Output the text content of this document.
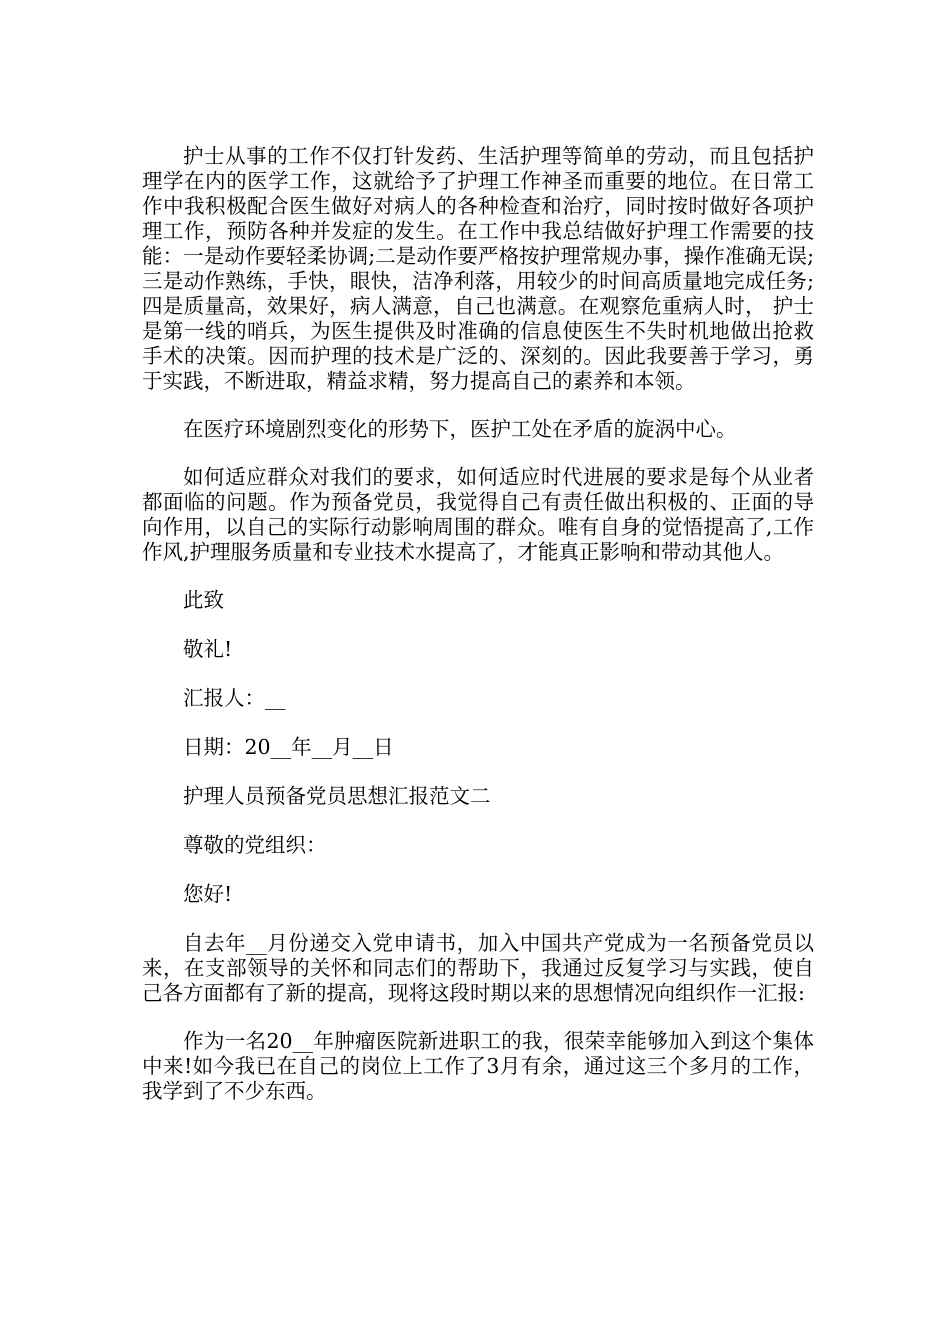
护士从事的工作不仅打针发药、生活护理等简单的劳动，而且包括护理学在内的医学工作，这就给予了护理工作神圣而重要的地位。在日常工作中我积极配合医生做好对病人的各种检查和治疗，同时按时做好各项护理工作，预防各种并发症的发生。在工作中我总结做好护理工作需要的技能：一是动作要轻柔协调;二是动作要严格按护理常规办事，操作准确无误;三是动作熟练，手快，眼快，洁净利落，用较少的时间高质量地完成任务;四是质量高，效果好，病人满意，自己也满意。在观察危重病人时， 护士是第一线的哨兵，为医生提供及时准确的信息使医生不失时机地做出抢救手术的决策。因而护理的技术是广泛的、深刻的。因此我要善于学习，勇于实践，不断进取，精益求精，努力提高自己的素养和本领。

在医疗环境剧烈变化的形势下，医护工处在矛盾的旋涡中心。

如何适应群众对我们的要求，如何适应时代进展的要求是每个从业者都面临的问题。作为预备党员，我觉得自己有责任做出积极的、正面的导向作用，以自己的实际行动影响周围的群众。唯有自身的觉悟提高了,工作作风,护理服务质量和专业技术水提高了，才能真正影响和带动其他人。

此致

敬礼!

汇报人：__

日期：20__年__月__日

护理人员预备党员思想汇报范文二

尊敬的党组织：

您好!

自去年__月份递交入党申请书，加入中国共产党成为一名预备党员以来，在支部领导的关怀和同志们的帮助下，我通过反复学习与实践，使自己各方面都有了新的提高，现将这段时期以来的思想情况向组织作一汇报:

作为一名20__年肿瘤医院新进职工的我，很荣幸能够加入到这个集体中来!如今我已在自己的岗位上工作了3月有余，通过这三个多月的工作，我学到了不少东西。
